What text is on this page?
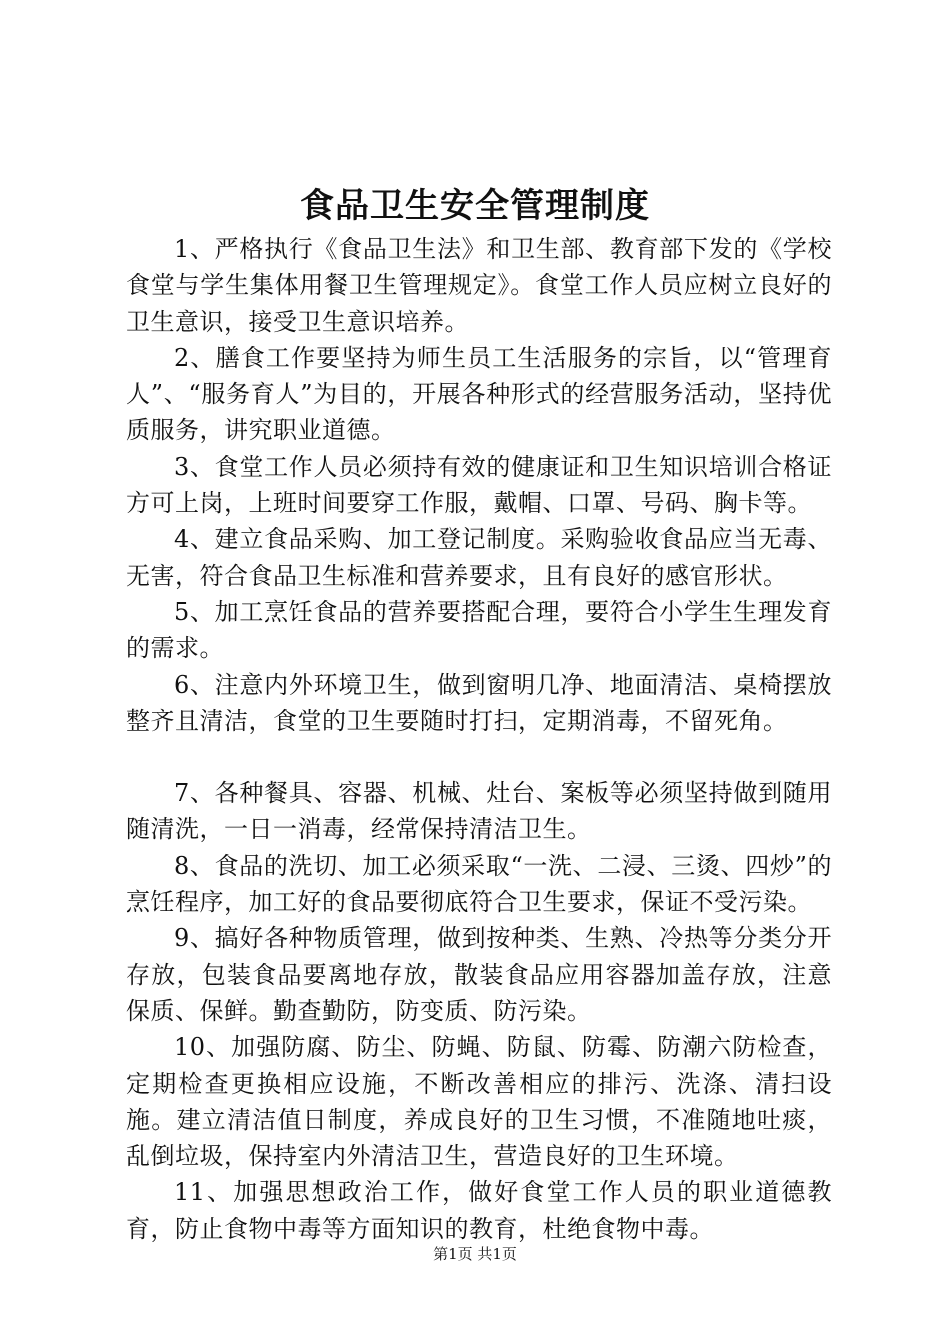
食品卫生安全管理制度

1、严格执行《食品卫生法》和卫生部、教育部下发的《学校食堂与学生集体用餐卫生管理规定》。食堂工作人员应树立良好的卫生意识，接受卫生意识培养。

2、膳食工作要坚持为师生员工生活服务的宗旨，以“管理育人”、“服务育人”为目的，开展各种形式的经营服务活动，坚持优质服务，讲究职业道德。

3、食堂工作人员必须持有效的健康证和卫生知识培训合格证方可上岗，上班时间要穿工作服，戴帽、口罩、号码、胸卡等。

4、建立食品采购、加工登记制度。采购验收食品应当无毒、无害，符合食品卫生标准和营养要求，且有良好的感官形状。

5、加工烹饪食品的营养要搭配合理，要符合小学生生理发育的需求。

6、注意内外环境卫生，做到窗明几净、地面清洁、桌椅摆放整齐且清洁，食堂的卫生要随时打扫，定期消毒，不留死角。

7、各种餐具、容器、机械、灶台、案板等必须坚持做到随用随清洗，一日一消毒，经常保持清洁卫生。

8、食品的洗切、加工必须采取“一洗、二浸、三烫、四炒”的烹饪程序，加工好的食品要彻底符合卫生要求，保证不受污染。

9、搞好各种物质管理，做到按种类、生熟、冷热等分类分开存放，包装食品要离地存放，散装食品应用容器加盖存放，注意保质、保鲜。勤查勤防，防变质、防污染。

10、加强防腐、防尘、防蝇、防鼠、防霉、防潮六防检查，定期检查更换相应设施，不断改善相应的排污、洗涤、清扫设施。建立清洁值日制度，养成良好的卫生习惯，不准随地吐痰，乱倒垃圾，保持室内外清洁卫生，营造良好的卫生环境。

11、加强思想政治工作，做好食堂工作人员的职业道德教育，防止食物中毒等方面知识的教育，杜绝食物中毒。

第1页 共1页
